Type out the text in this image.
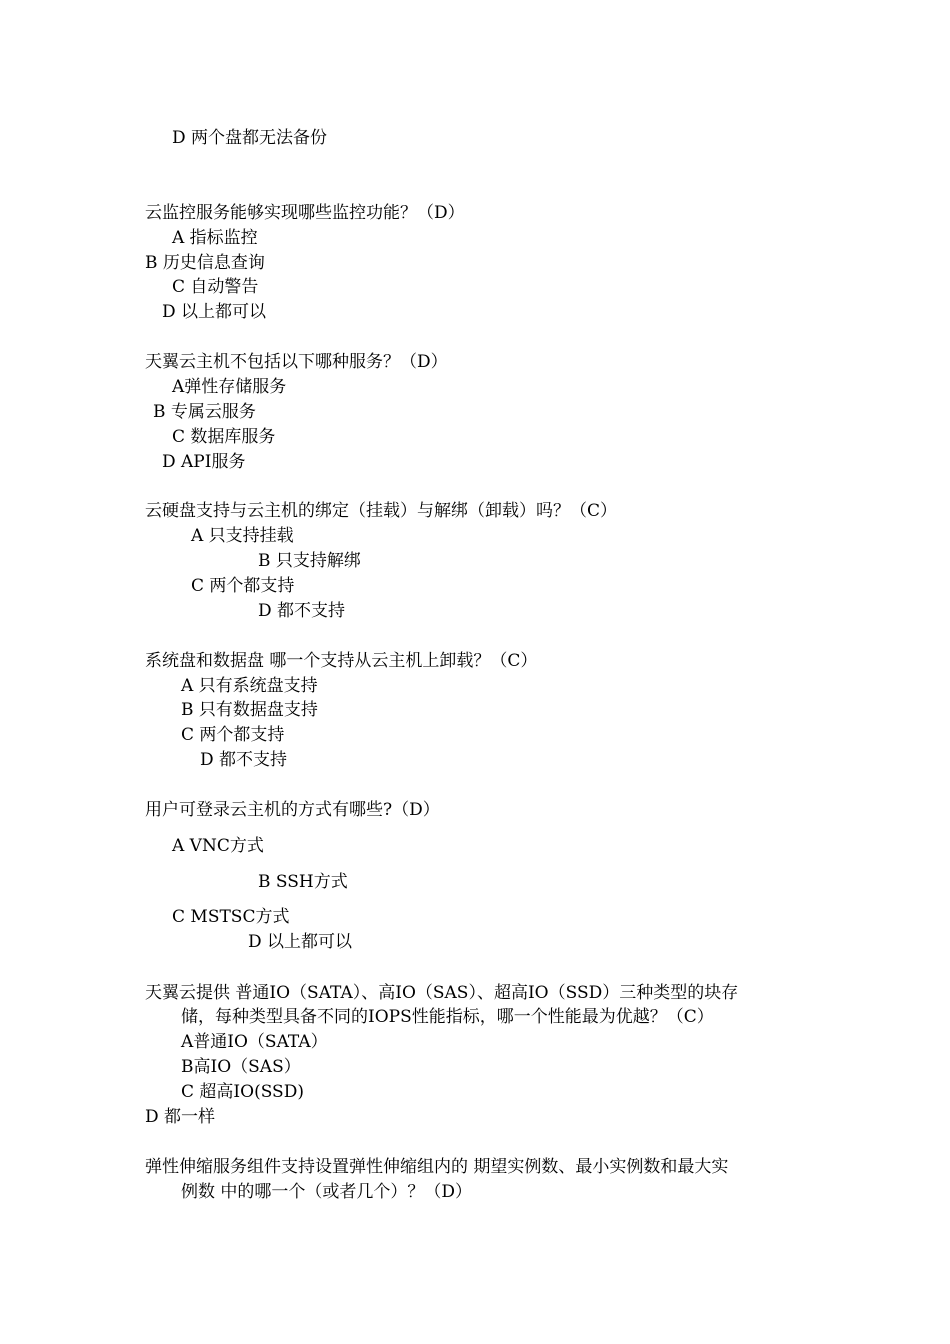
D 两个盘都无法备份
云监控服务能够实现哪些监控功能？（D）
A 指标监控
B 历史信息查询
C 自动警告
D 以上都可以
天翼云主机不包括以下哪种服务？（D）
A弹性存储服务
B 专属云服务
C 数据库服务
D API服务
云硬盘支持与云主机的绑定（挂载）与解绑（卸载）吗？（C）
A 只支持挂载
B 只支持解绑
C 两个都支持
D 都不支持
系统盘和数据盘 哪一个支持从云主机上卸载？（C）
A 只有系统盘支持
B 只有数据盘支持
C 两个都支持
D 都不支持
用户可登录云主机的方式有哪些?（D）
A VNC方式
B SSH方式
C MSTSC方式
D 以上都可以
天翼云提供 普通IO（SATA）、高IO（SAS）、超高IO（SSD）三种类型的块存
储，每种类型具备不同的IOPS性能指标，哪一个性能最为优越？（C）
A普通IO（SATA）
B高IO（SAS）
C 超高IO(SSD)
D 都一样
弹性伸缩服务组件支持设置弹性伸缩组内的 期望实例数、最小实例数和最大实
例数 中的哪一个（或者几个）？（D）
